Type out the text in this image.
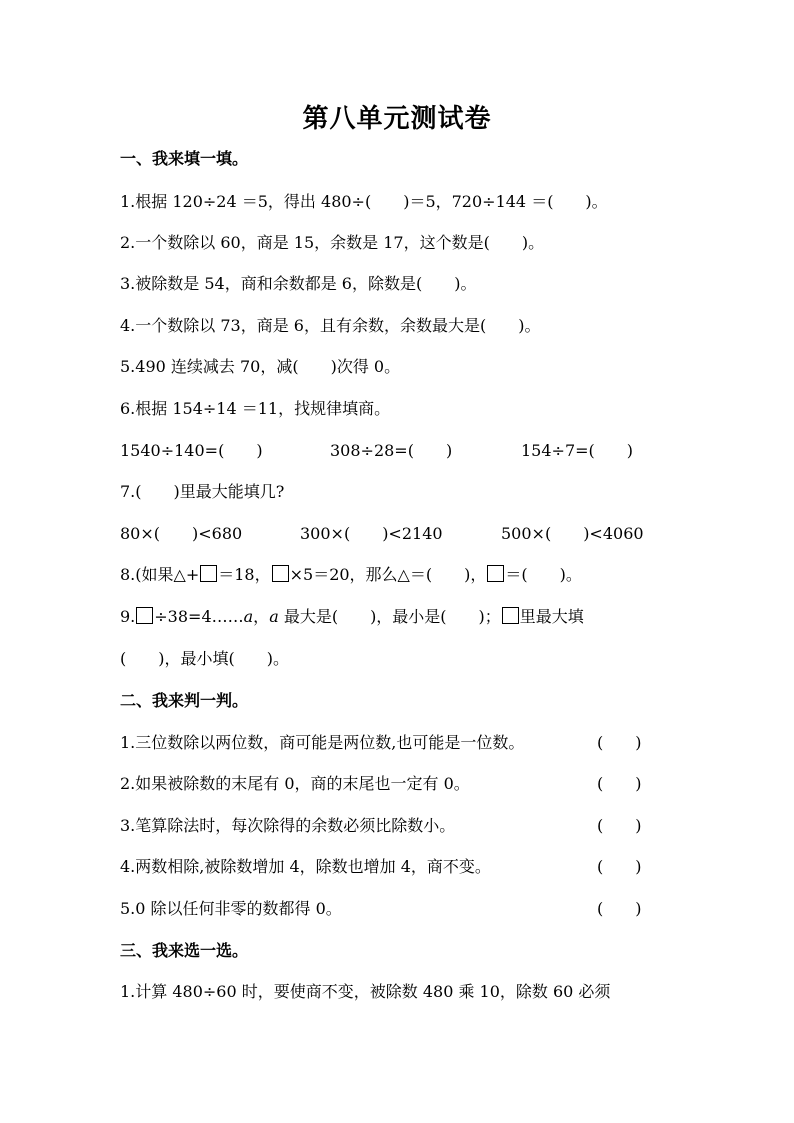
第八单元测试卷
一、我来填一填。
1.根据 120÷24 ＝5，得出 480÷(　　)＝5，720÷144 ＝(　　)。
2.一个数除以 60，商是 15，余数是 17，这个数是(　　)。
3.被除数是 54，商和余数都是 6，除数是(　　)。
4.一个数除以 73，商是 6，且有余数，余数最大是(　　)。
5.490 连续减去 70，减(　　)次得 0。
6.根据 154÷14 ＝11，找规律填商。
1540÷140=(　　)	308÷28=(　　)	154÷7=(　　)
7.(　　)里最大能填几?
80×(　　)<680	300×(　　)<2140	500×(　　)<4060
8.(如果△+ ＝18， ×5＝20，那么△＝(　　)， ＝(　　)。
9. ÷38=4……a，a 最大是(　　)，最小是(　　)； 里最大填
(　　)，最小填(　　)。
二、我来判一判。
1.三位数除以两位数，商可能是两位数,也可能是一位数。	(　　)
2.如果被除数的末尾有 0，商的末尾也一定有 0。	(　　)
3.笔算除法时，每次除得的余数必须比除数小。	(　　)
4.两数相除,被除数增加 4，除数也增加 4，商不变。	(　　)
5.0 除以任何非零的数都得 0。	(　　)
三、我来选一选。
1.计算 480÷60 时，要使商不变，被除数 480 乘 10，除数 60 必须
